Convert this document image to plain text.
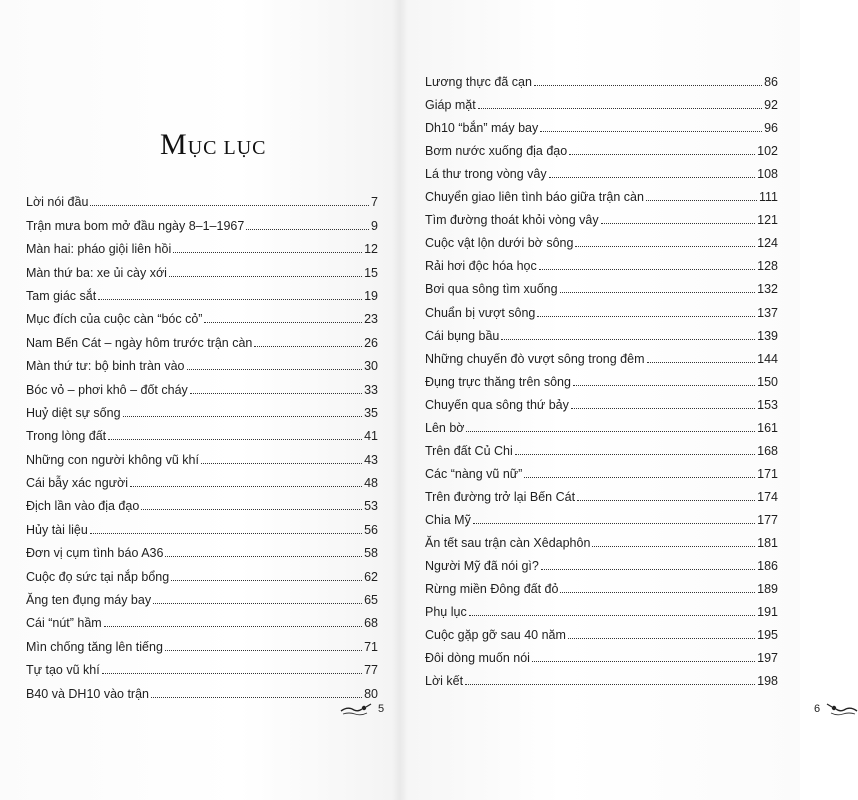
MỤC LỤC
Lời nói đầu	7
Trận mưa bom mở đầu ngày 8–1–1967	9
Màn hai: pháo giội liên hồi	12
Màn thứ ba: xe ủi cày xới	15
Tam giác sắt	19
Mục đích của cuộc càn “bóc cỏ”	23
Nam Bến Cát – ngày hôm trước trận càn	26
Màn thứ tư: bộ binh tràn vào	30
Bóc vỏ – phơi khô – đốt cháy	33
Huỷ diệt sự sống	35
Trong lòng đất	41
Những con người không vũ khí	43
Cái bẫy xác người	48
Địch lần vào địa đạo	53
Hủy tài liệu	56
Đơn vị cụm tình báo A36	58
Cuộc đọ sức tại nắp bổng	62
Ăng ten đụng máy bay	65
Cái “nút” hầm	68
Mìn chống tăng lên tiếng	71
Tự tạo vũ khí	77
B40 và DH10 vào trận	80
5
Lương thực đã cạn	86
Giáp mặt	92
Dh10 “bắn” máy bay	96
Bơm nước xuống địa đạo	102
Lá thư trong vòng vây	108
Chuyển giao liên tình báo giữa trận càn	111
Tìm đường thoát khỏi vòng vây	121
Cuộc vật lộn dưới bờ sông	124
Rải hơi độc hóa học	128
Bơi qua sông tìm xuống	132
Chuẩn bị vượt sông	137
Cái bụng bầu	139
Những chuyến đò vượt sông trong đêm	144
Đụng trực thăng trên sông	150
Chuyến qua sông thứ bảy	153
Lên bờ	161
Trên đất Củ Chi	168
Các “nàng vũ nữ”	171
Trên đường trở lại Bến Cát	174
Chia Mỹ	177
Ăn tết sau trận càn Xêdaphôn	181
Người Mỹ đã nói gì?	186
Rừng miền Đông đất đỏ	189
Phụ lục	191
Cuộc gặp gỡ sau 40 năm	195
Đôi dòng muốn nói	197
Lời kết	198
6
